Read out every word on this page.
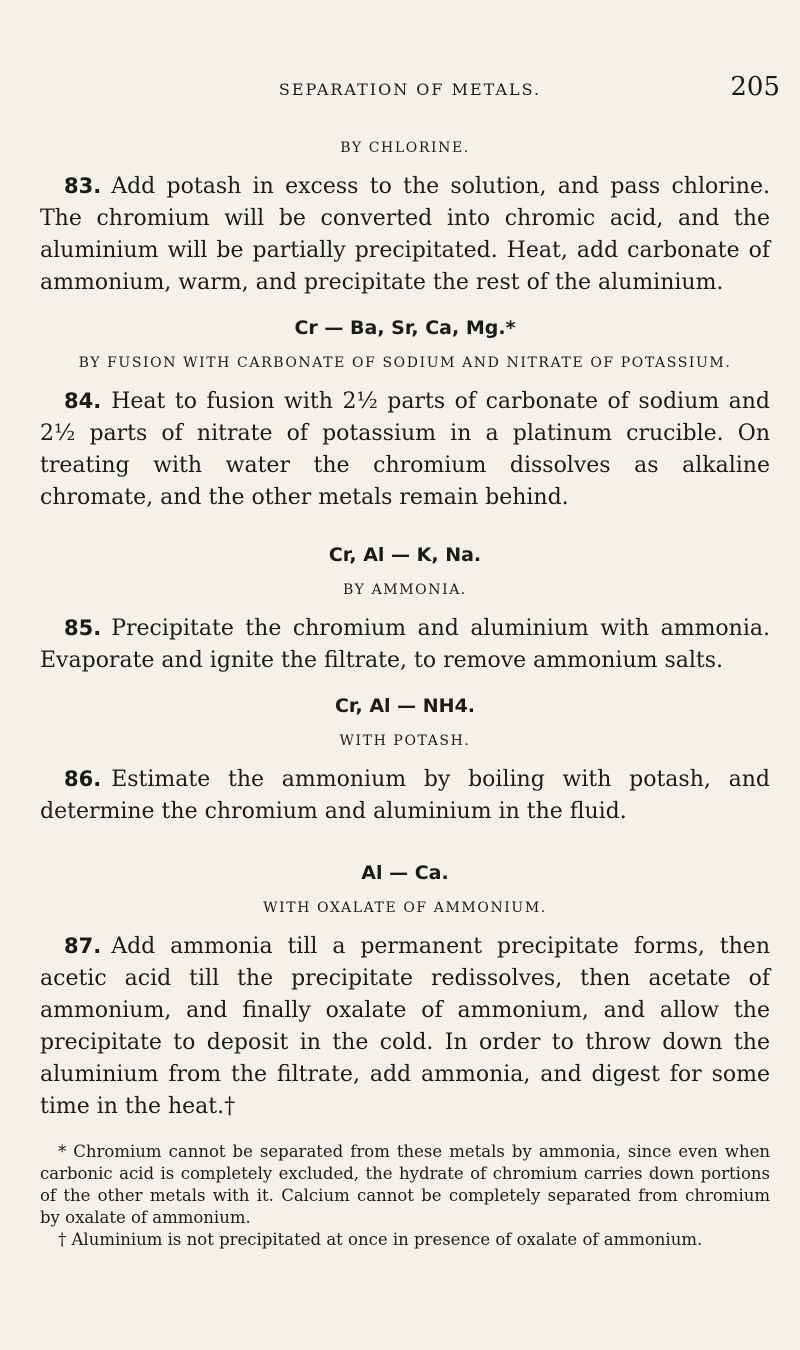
SEPARATION OF METALS.	205
BY CHLORINE.

83. Add potash in excess to the solution, and pass chlorine. The chromium will be converted into chromic acid, and the aluminium will be partially precipitated. Heat, add carbonate of ammonium, warm, and precipitate the rest of the aluminium.

Cr — Ba, Sr, Ca, Mg.*
BY FUSION WITH CARBONATE OF SODIUM AND NITRATE OF POTASSIUM.

84. Heat to fusion with 2½ parts of carbonate of sodium and 2½ parts of nitrate of potassium in a platinum crucible. On treating with water the chromium dissolves as alkaline chromate, and the other metals remain behind.

Cr, Al — K, Na.
BY AMMONIA.

85. Precipitate the chromium and aluminium with ammonia. Evaporate and ignite the filtrate, to remove ammonium salts.

Cr, Al — NH4.
WITH POTASH.

86. Estimate the ammonium by boiling with potash, and determine the chromium and aluminium in the fluid.

Al — Ca.
WITH OXALATE OF AMMONIUM.

87. Add ammonia till a permanent precipitate forms, then acetic acid till the precipitate redissolves, then acetate of ammonium, and finally oxalate of ammonium, and allow the precipitate to deposit in the cold. In order to throw down the aluminium from the filtrate, add ammonia, and digest for some time in the heat.†

* Chromium cannot be separated from these metals by ammonia, since even when carbonic acid is completely excluded, the hydrate of chromium carries down portions of the other metals with it. Calcium cannot be completely separated from chromium by oxalate of ammonium.

† Aluminium is not precipitated at once in presence of oxalate of ammonium.
